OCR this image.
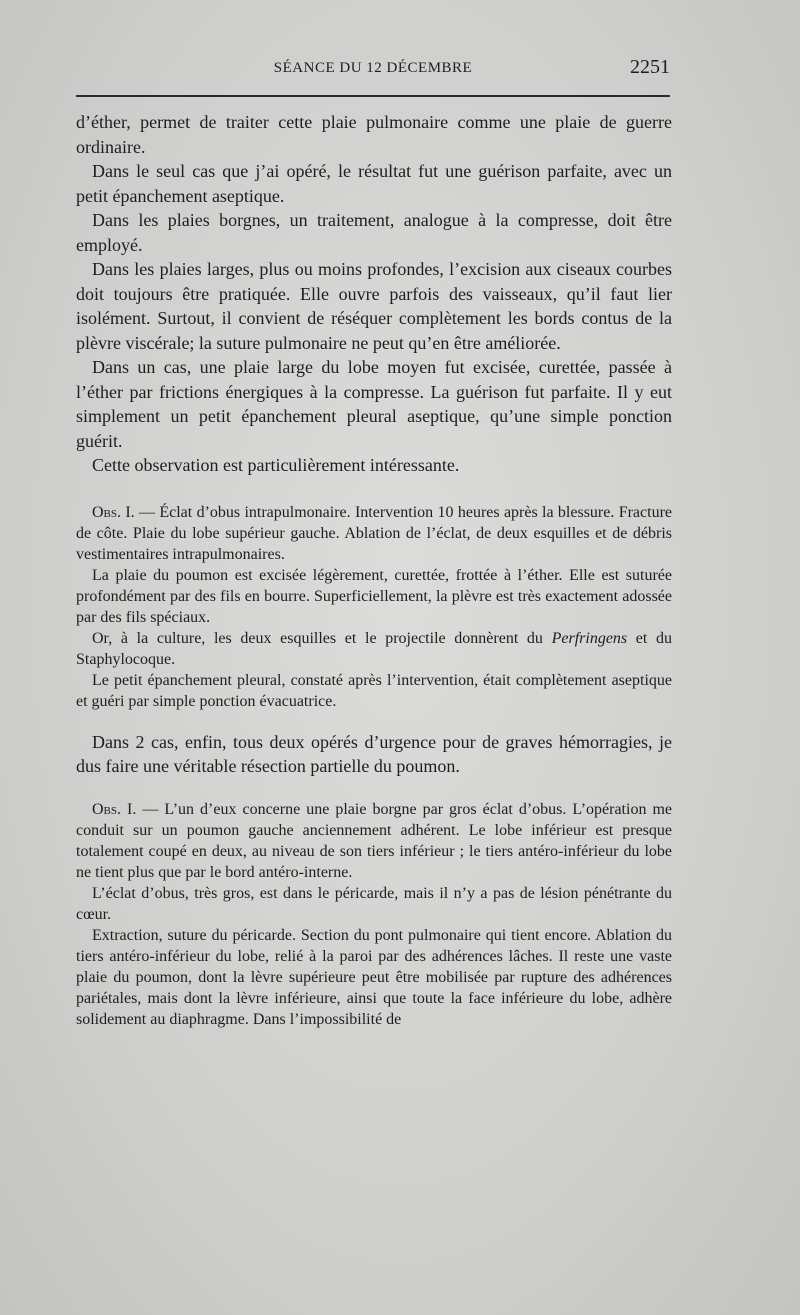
SÉANCE DU 12 DÉCEMBRE	2251

d’éther, permet de traiter cette plaie pulmonaire comme une plaie de guerre ordinaire.

Dans le seul cas que j’ai opéré, le résultat fut une guérison parfaite, avec un petit épanchement aseptique.

Dans les plaies borgnes, un traitement, analogue à la compresse, doit être employé.

Dans les plaies larges, plus ou moins profondes, l’excision aux ciseaux courbes doit toujours être pratiquée. Elle ouvre parfois des vaisseaux, qu’il faut lier isolément. Surtout, il convient de réséquer complètement les bords contus de la plèvre viscérale; la suture pulmonaire ne peut qu’en être améliorée.

Dans un cas, une plaie large du lobe moyen fut excisée, curettée, passée à l’éther par frictions énergiques à la compresse. La guérison fut parfaite. Il y eut simplement un petit épanchement pleural aseptique, qu’une simple ponction guérit.

Cette observation est particulièrement intéressante.

Obs. I. — Éclat d’obus intrapulmonaire. Intervention 10 heures après la blessure. Fracture de côte. Plaie du lobe supérieur gauche. Ablation de l’éclat, de deux esquilles et de débris vestimentaires intrapulmonaires.

La plaie du poumon est excisée légèrement, curettée, frottée à l’éther. Elle est suturée profondément par des fils en bourre. Superficiellement, la plèvre est très exactement adossée par des fils spéciaux.

Or, à la culture, les deux esquilles et le projectile donnèrent du Perfringens et du Staphylocoque.

Le petit épanchement pleural, constaté après l’intervention, était complètement aseptique et guéri par simple ponction évacuatrice.

Dans 2 cas, enfin, tous deux opérés d’urgence pour de graves hémorragies, je dus faire une véritable résection partielle du poumon.

Obs. I. — L’un d’eux concerne une plaie borgne par gros éclat d’obus. L’opération me conduit sur un poumon gauche anciennement adhérent. Le lobe inférieur est presque totalement coupé en deux, au niveau de son tiers inférieur ; le tiers antéro-inférieur du lobe ne tient plus que par le bord antéro-interne.

L’éclat d’obus, très gros, est dans le péricarde, mais il n’y a pas de lésion pénétrante du cœur.

Extraction, suture du péricarde. Section du pont pulmonaire qui tient encore. Ablation du tiers antéro-inférieur du lobe, relié à la paroi par des adhérences lâches. Il reste une vaste plaie du poumon, dont la lèvre supérieure peut être mobilisée par rupture des adhérences pariétales, mais dont la lèvre inférieure, ainsi que toute la face inférieure du lobe, adhère solidement au diaphragme. Dans l’impossibilité de
